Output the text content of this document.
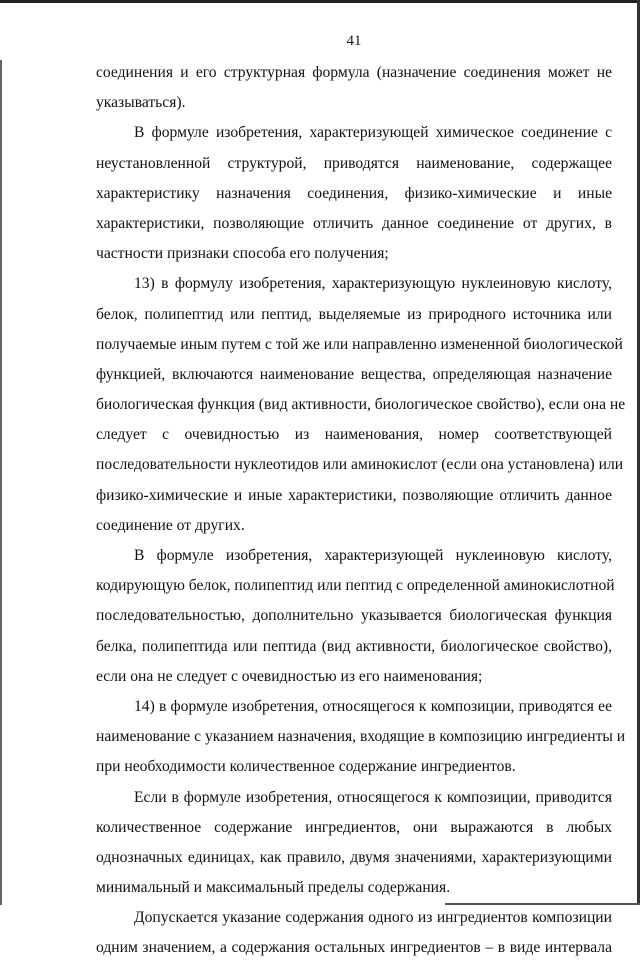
41
соединения и его структурная формула (назначение соединения может не
указываться).
В формуле изобретения, характеризующей химическое соединение с
неустановленной структурой, приводятся наименование, содержащее
характеристику назначения соединения, физико-химические и иные
характеристики, позволяющие отличить данное соединение от других, в
частности признаки способа его получения;
13) в формулу изобретения, характеризующую нуклеиновую кислоту,
белок, полипептид или пептид, выделяемые из природного источника или
получаемые иным путем с той же или направленно измененной биологической
функцией, включаются наименование вещества, определяющая назначение
биологическая функция (вид активности, биологическое свойство), если она не
следует с очевидностью из наименования, номер соответствующей
последовательности нуклеотидов или аминокислот (если она установлена) или
физико-химические и иные характеристики, позволяющие отличить данное
соединение от других.
В формуле изобретения, характеризующей нуклеиновую кислоту,
кодирующую белок, полипептид или пептид с определенной аминокислотной
последовательностью, дополнительно указывается биологическая функция
белка, полипептида или пептида (вид активности, биологическое свойство),
если она не следует с очевидностью из его наименования;
14) в формуле изобретения, относящегося к композиции, приводятся ее
наименование с указанием назначения, входящие в композицию ингредиенты и
при необходимости количественное содержание ингредиентов.
Если в формуле изобретения, относящегося к композиции, приводится
количественное содержание ингредиентов, они выражаются в любых
однозначных единицах, как правило, двумя значениями, характеризующими
минимальный и максимальный пределы содержания.
Допускается указание содержания одного из ингредиентов композиции
одним значением, а содержания остальных ингредиентов – в виде интервала
